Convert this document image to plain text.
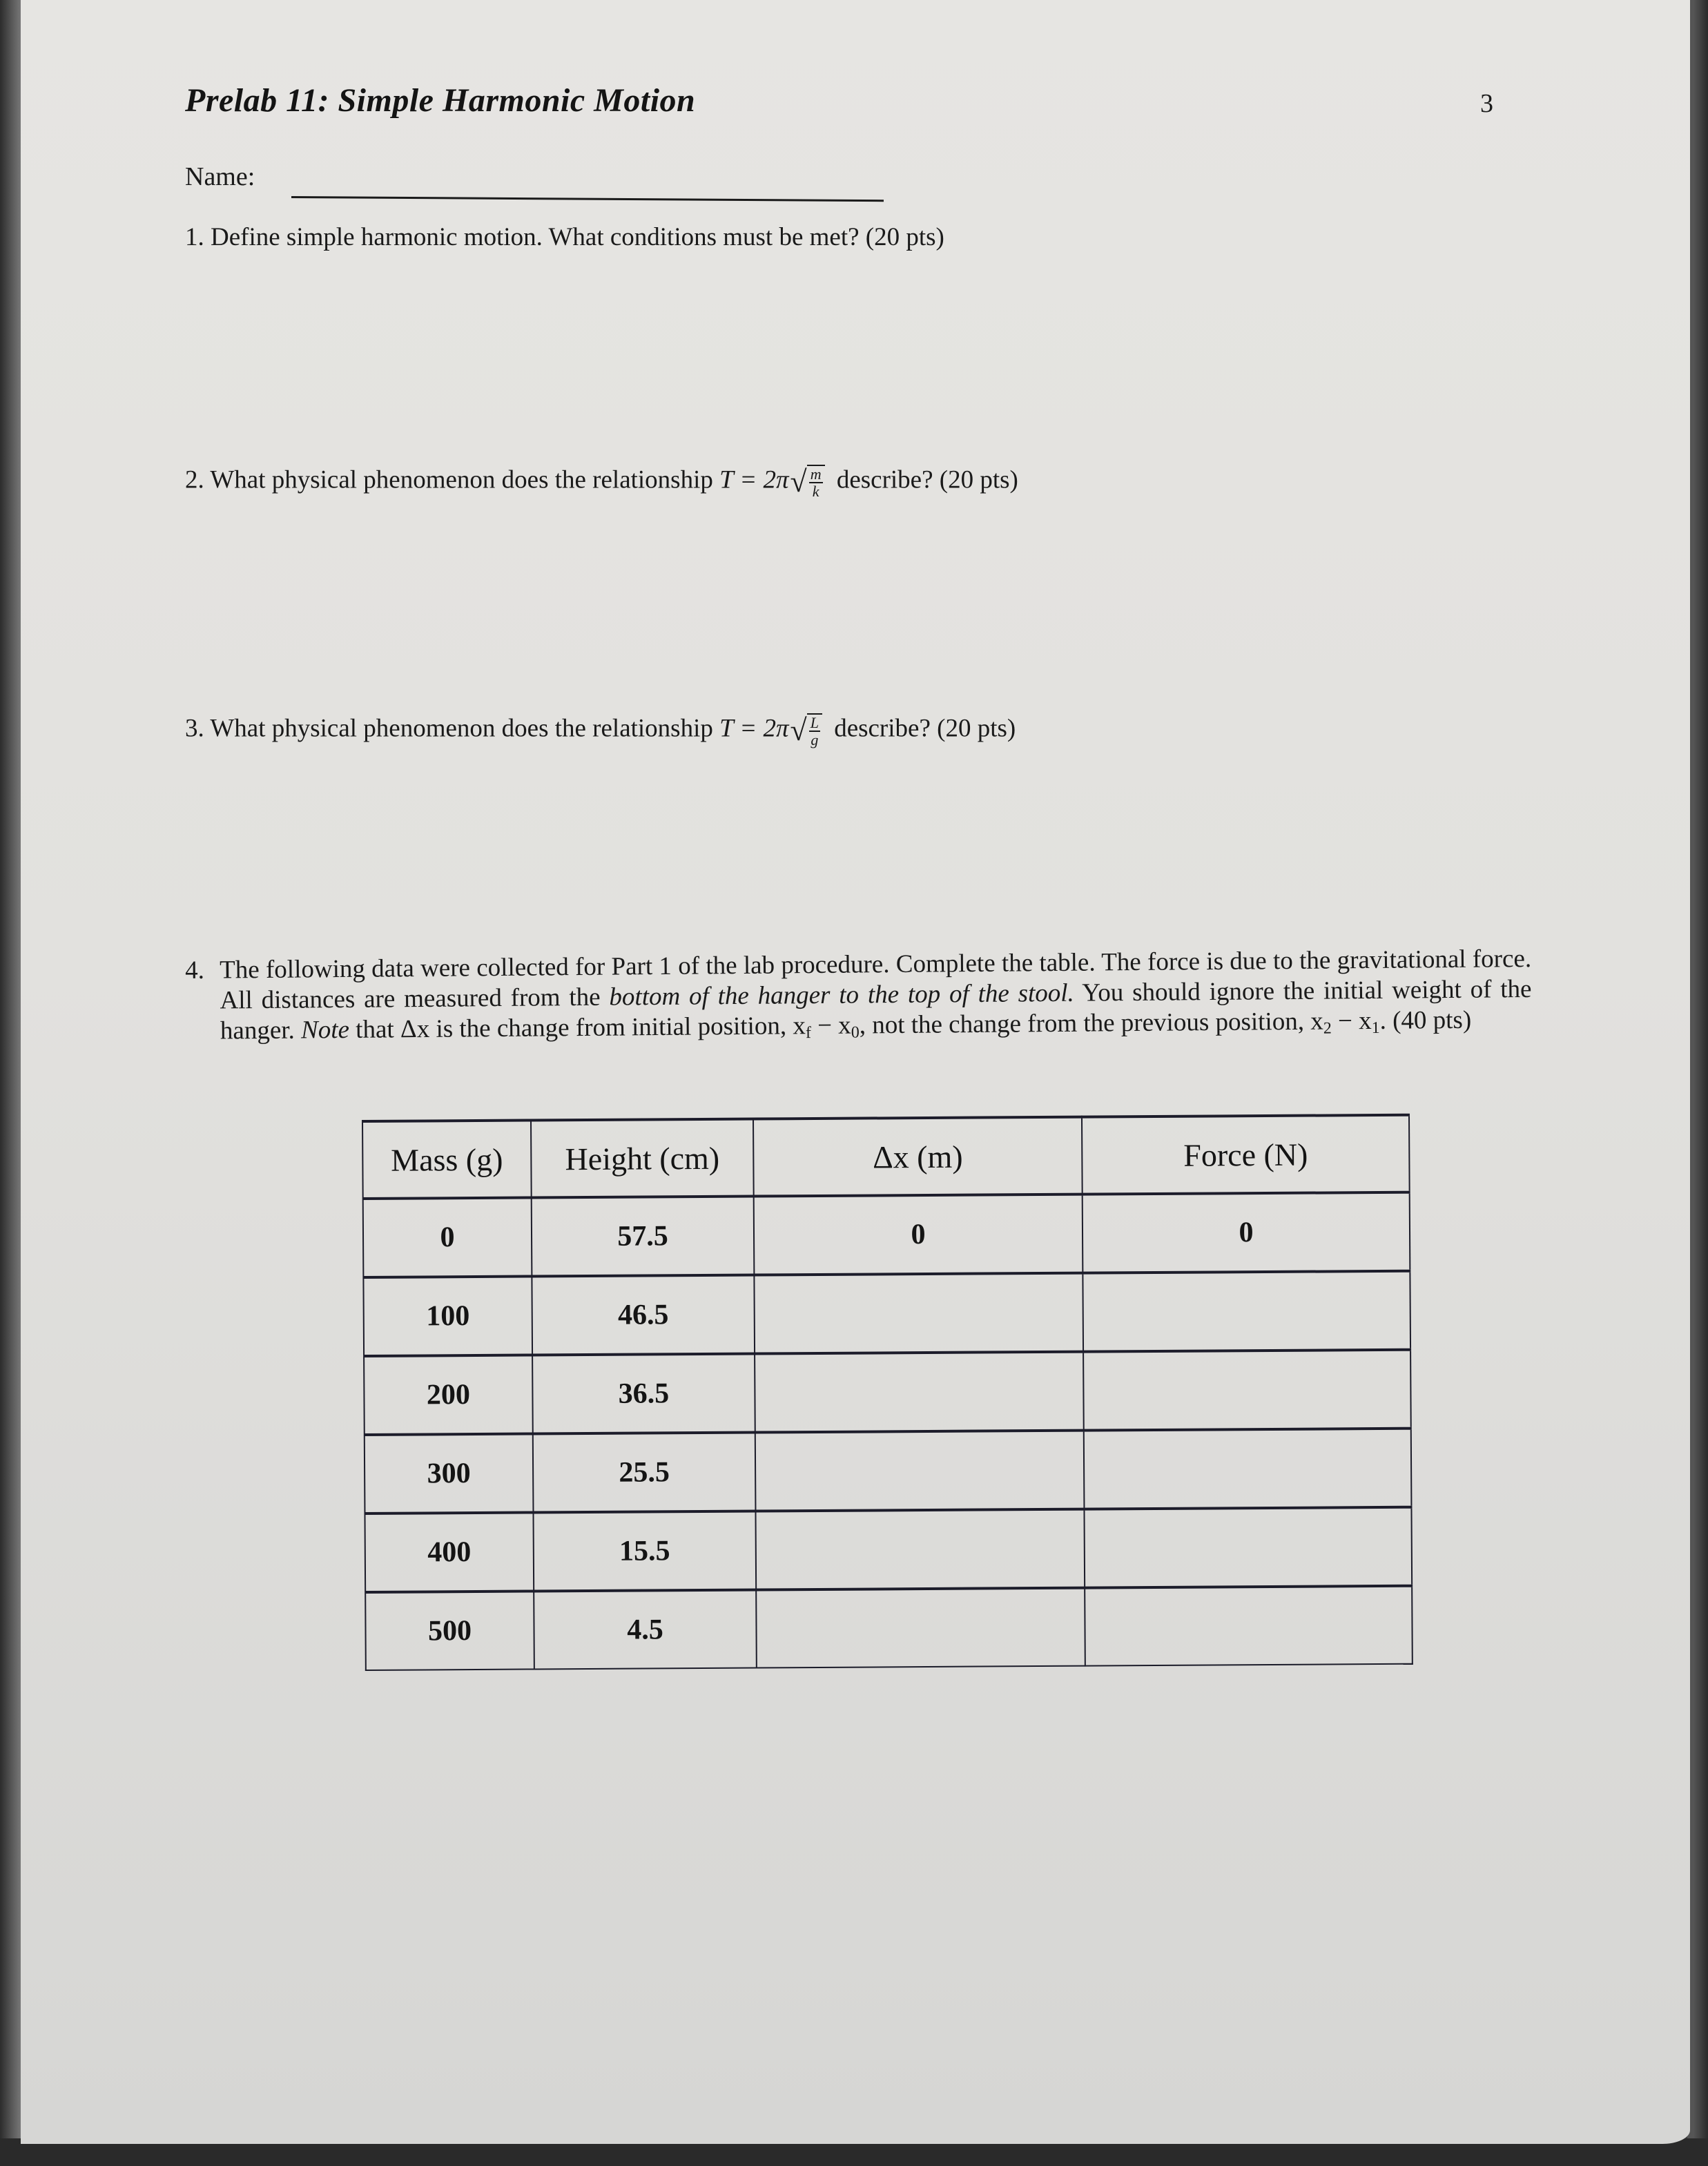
Prelab 11: Simple Harmonic Motion	3
Name:
1. Define simple harmonic motion. What conditions must be met? (20 pts)
2. What physical phenomenon does the relationship T = 2π √ $\frac{m}{k}$ describe? (20 pts)
3. What physical phenomenon does the relationship T = 2π √ $\frac{L}{g}$ describe? (20 pts)
4. The following data were collected for Part 1 of the lab procedure. Complete the table. The force is due to the gravitational force. All distances are measured from the bottom of the hanger to the top of the stool. You should ignore the initial weight of the hanger. Note that Δx is the change from initial position, $x_f - x_0$, not the change from the previous position, $x_2 - x_1$. (40 pts)
Mass (g)	Height (cm)	Δx (m)	Force (N)
0	57.5	0	0
100	46.5		
200	36.5		
300	25.5		
400	15.5		
500	4.5		
